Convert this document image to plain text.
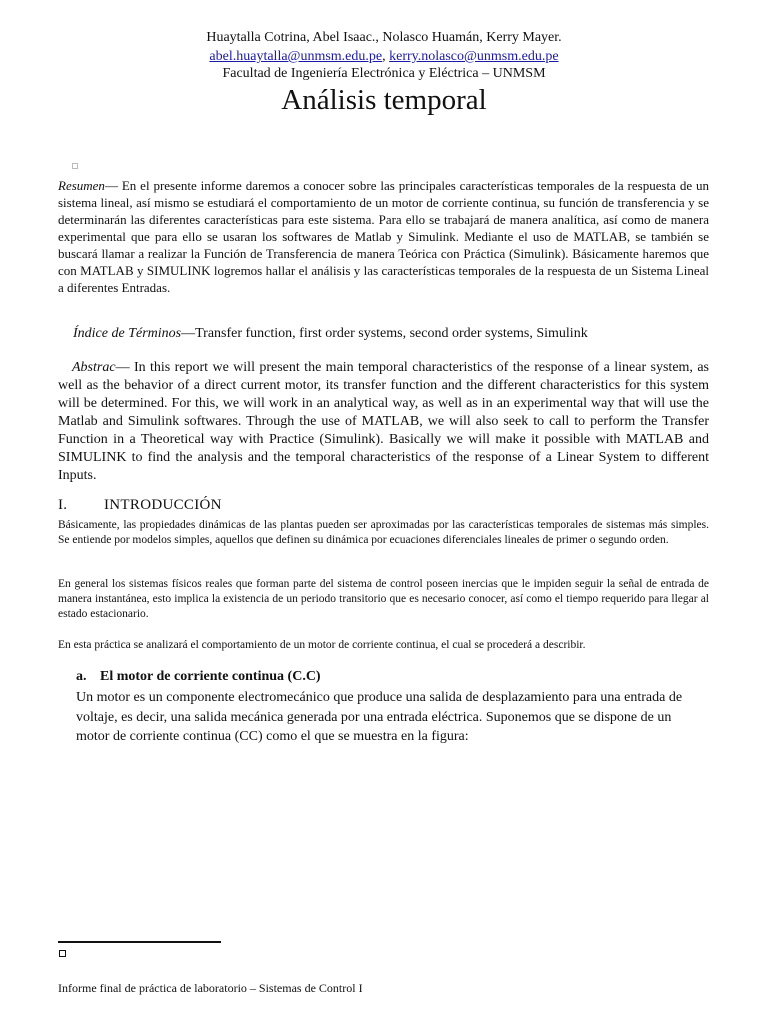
Huaytalla Cotrina, Abel Isaac., Nolasco Huamán, Kerry Mayer.
abel.huaytalla@unmsm.edu.pe, kerry.nolasco@unmsm.edu.pe
Facultad de Ingeniería Electrónica y Eléctrica – UNMSM
Análisis temporal
Resumen— En el presente informe daremos a conocer sobre las principales características temporales de la respuesta de un sistema lineal, así mismo se estudiará el comportamiento de un motor de corriente continua, su función de transferencia y se determinarán las diferentes características para este sistema. Para ello se trabajará de manera analítica, así como de manera experimental que para ello se usaran los softwares de Matlab y Simulink. Mediante el uso de MATLAB, se también se buscará llamar a realizar la Función de Transferencia de manera Teórica con Práctica (Simulink). Básicamente haremos que con MATLAB y SIMULINK logremos hallar el análisis y las características temporales de la respuesta de un Sistema Lineal a diferentes Entradas.
Índice de Términos—Transfer function, first order systems, second order systems, Simulink
Abstrac— In this report we will present the main temporal characteristics of the response of a linear system, as well as the behavior of a direct current motor, its transfer function and the different characteristics for this system will be determined. For this, we will work in an analytical way, as well as in an experimental way that will use the Matlab and Simulink softwares. Through the use of MATLAB, we will also seek to call to perform the Transfer Function in a Theoretical way with Practice (Simulink). Basically we will make it possible with MATLAB and SIMULINK to find the analysis and the temporal characteristics of the response of a Linear System to different Inputs.
I. INTRODUCCIÓN
Básicamente, las propiedades dinámicas de las plantas pueden ser aproximadas por las características temporales de sistemas más simples. Se entiende por modelos simples, aquellos que definen su dinámica por ecuaciones diferenciales lineales de primer o segundo orden.
En general los sistemas físicos reales que forman parte del sistema de control poseen inercias que le impiden seguir la señal de entrada de manera instantánea, esto implica la existencia de un periodo transitorio que es necesario conocer, así como el tiempo requerido para llegar al estado estacionario.
En esta práctica se analizará el comportamiento de un motor de corriente continua, el cual se procederá a describir.
a. El motor de corriente continua (C.C)
Un motor es un componente electromecánico que produce una salida de desplazamiento para una entrada de voltaje, es decir, una salida mecánica generada por una entrada eléctrica. Suponemos que se dispone de un motor de corriente continua (CC) como el que se muestra en la figura:
Informe final de práctica de laboratorio – Sistemas de Control I
